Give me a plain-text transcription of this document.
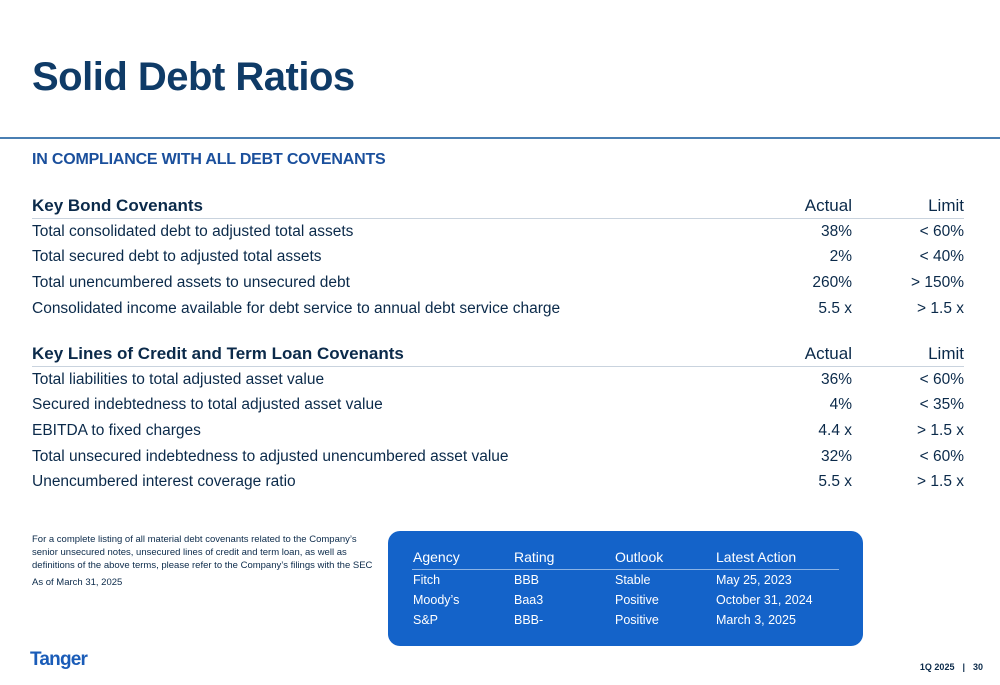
Solid Debt Ratios
IN COMPLIANCE WITH ALL DEBT COVENANTS
Key Bond Covenants	Actual	Limit
Total consolidated debt to adjusted total assets	38%	< 60%
Total secured debt to adjusted total assets	2%	< 40%
Total unencumbered assets to unsecured debt	260%	> 150%
Consolidated income available for debt service to annual debt service charge	5.5 x	> 1.5 x
Key Lines of Credit and Term Loan Covenants	Actual	Limit
Total liabilities to total adjusted asset value	36%	< 60%
Secured indebtedness to total adjusted asset value	4%	< 35%
EBITDA to fixed charges	4.4 x	> 1.5 x
Total unsecured indebtedness to adjusted unencumbered asset value	32%	< 60%
Unencumbered interest coverage ratio	5.5 x	> 1.5 x
For a complete listing of all material debt covenants related to the Company’s senior unsecured notes, unsecured lines of credit and term loan, as well as definitions of the above terms, please refer to the Company’s filings with the SEC
As of March 31, 2025
Agency	Rating	Outlook	Latest Action
Fitch	BBB	Stable	May 25, 2023
Moody’s	Baa3	Positive	October 31, 2024
S&P	BBB-	Positive	March 3, 2025
Tanger	1Q 2025 | 30
